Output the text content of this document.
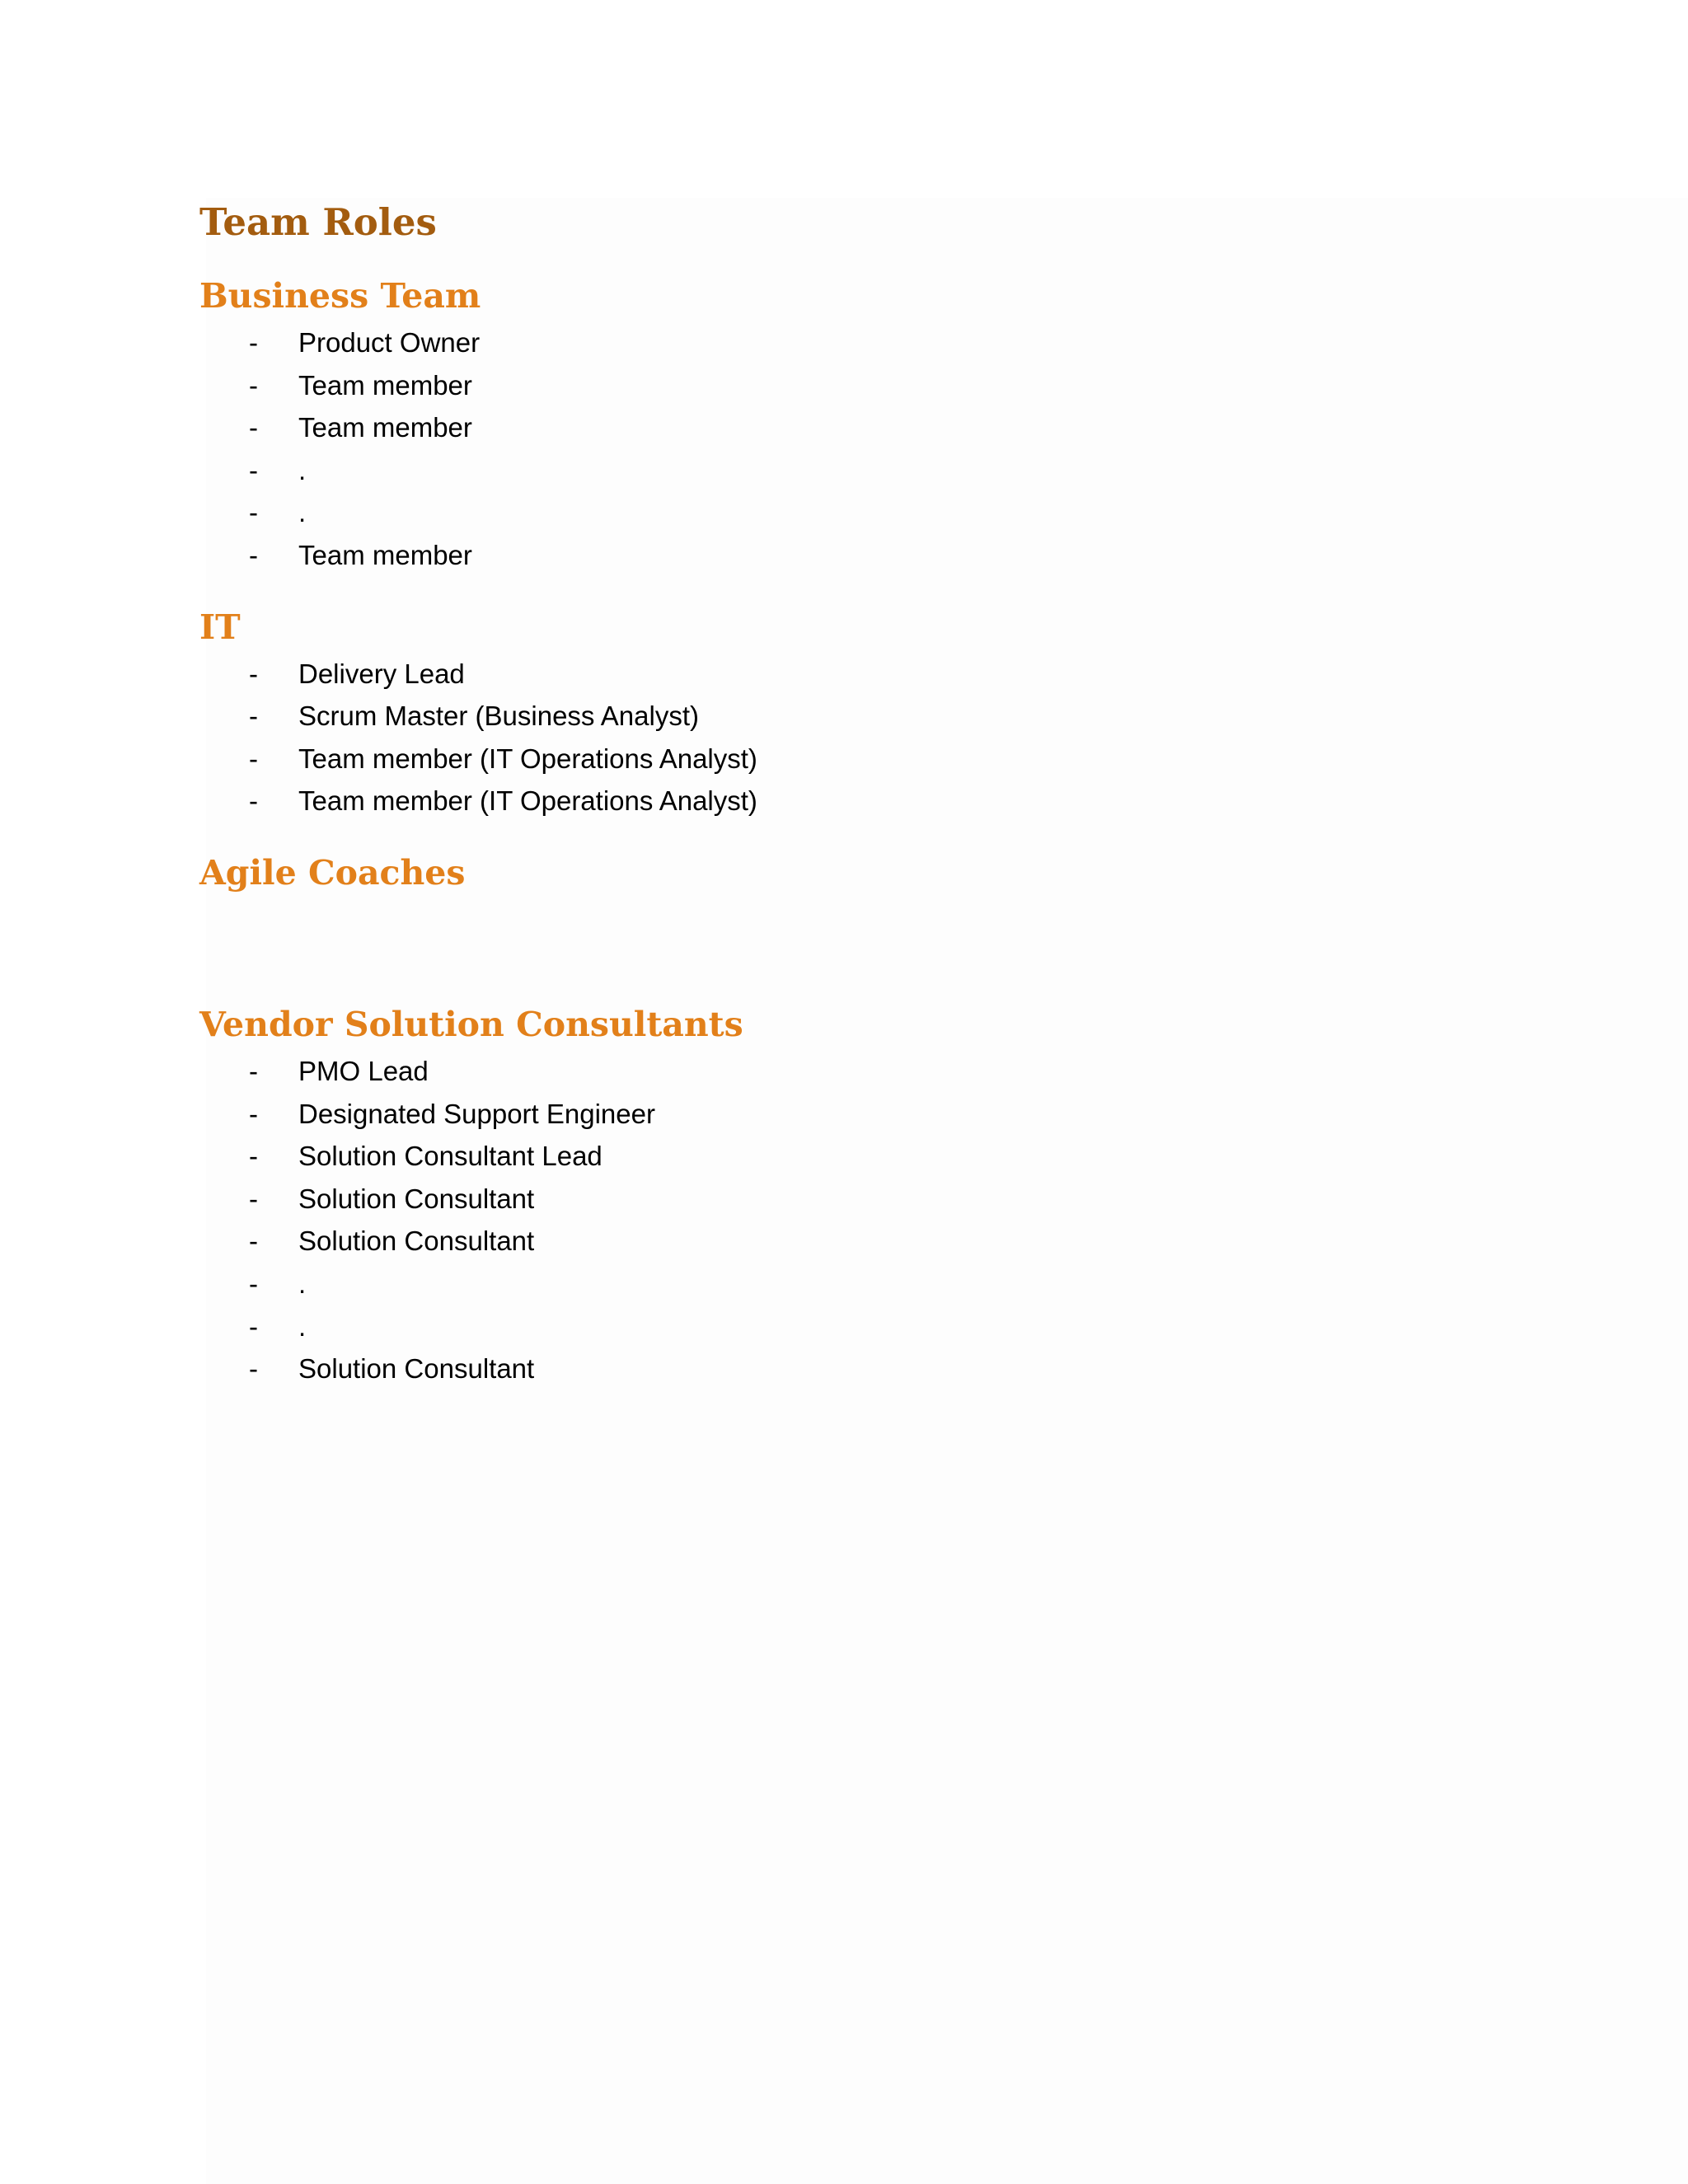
Team Roles
Business Team
- Product Owner
- Team member
- Team member
- .
- .
- Team member
IT
- Delivery Lead
- Scrum Master (Business Analyst)
- Team member (IT Operations Analyst)
- Team member (IT Operations Analyst)
Agile Coaches
Vendor Solution Consultants
- PMO Lead
- Designated Support Engineer
- Solution Consultant Lead
- Solution Consultant
- Solution Consultant
- .
- .
- Solution Consultant
